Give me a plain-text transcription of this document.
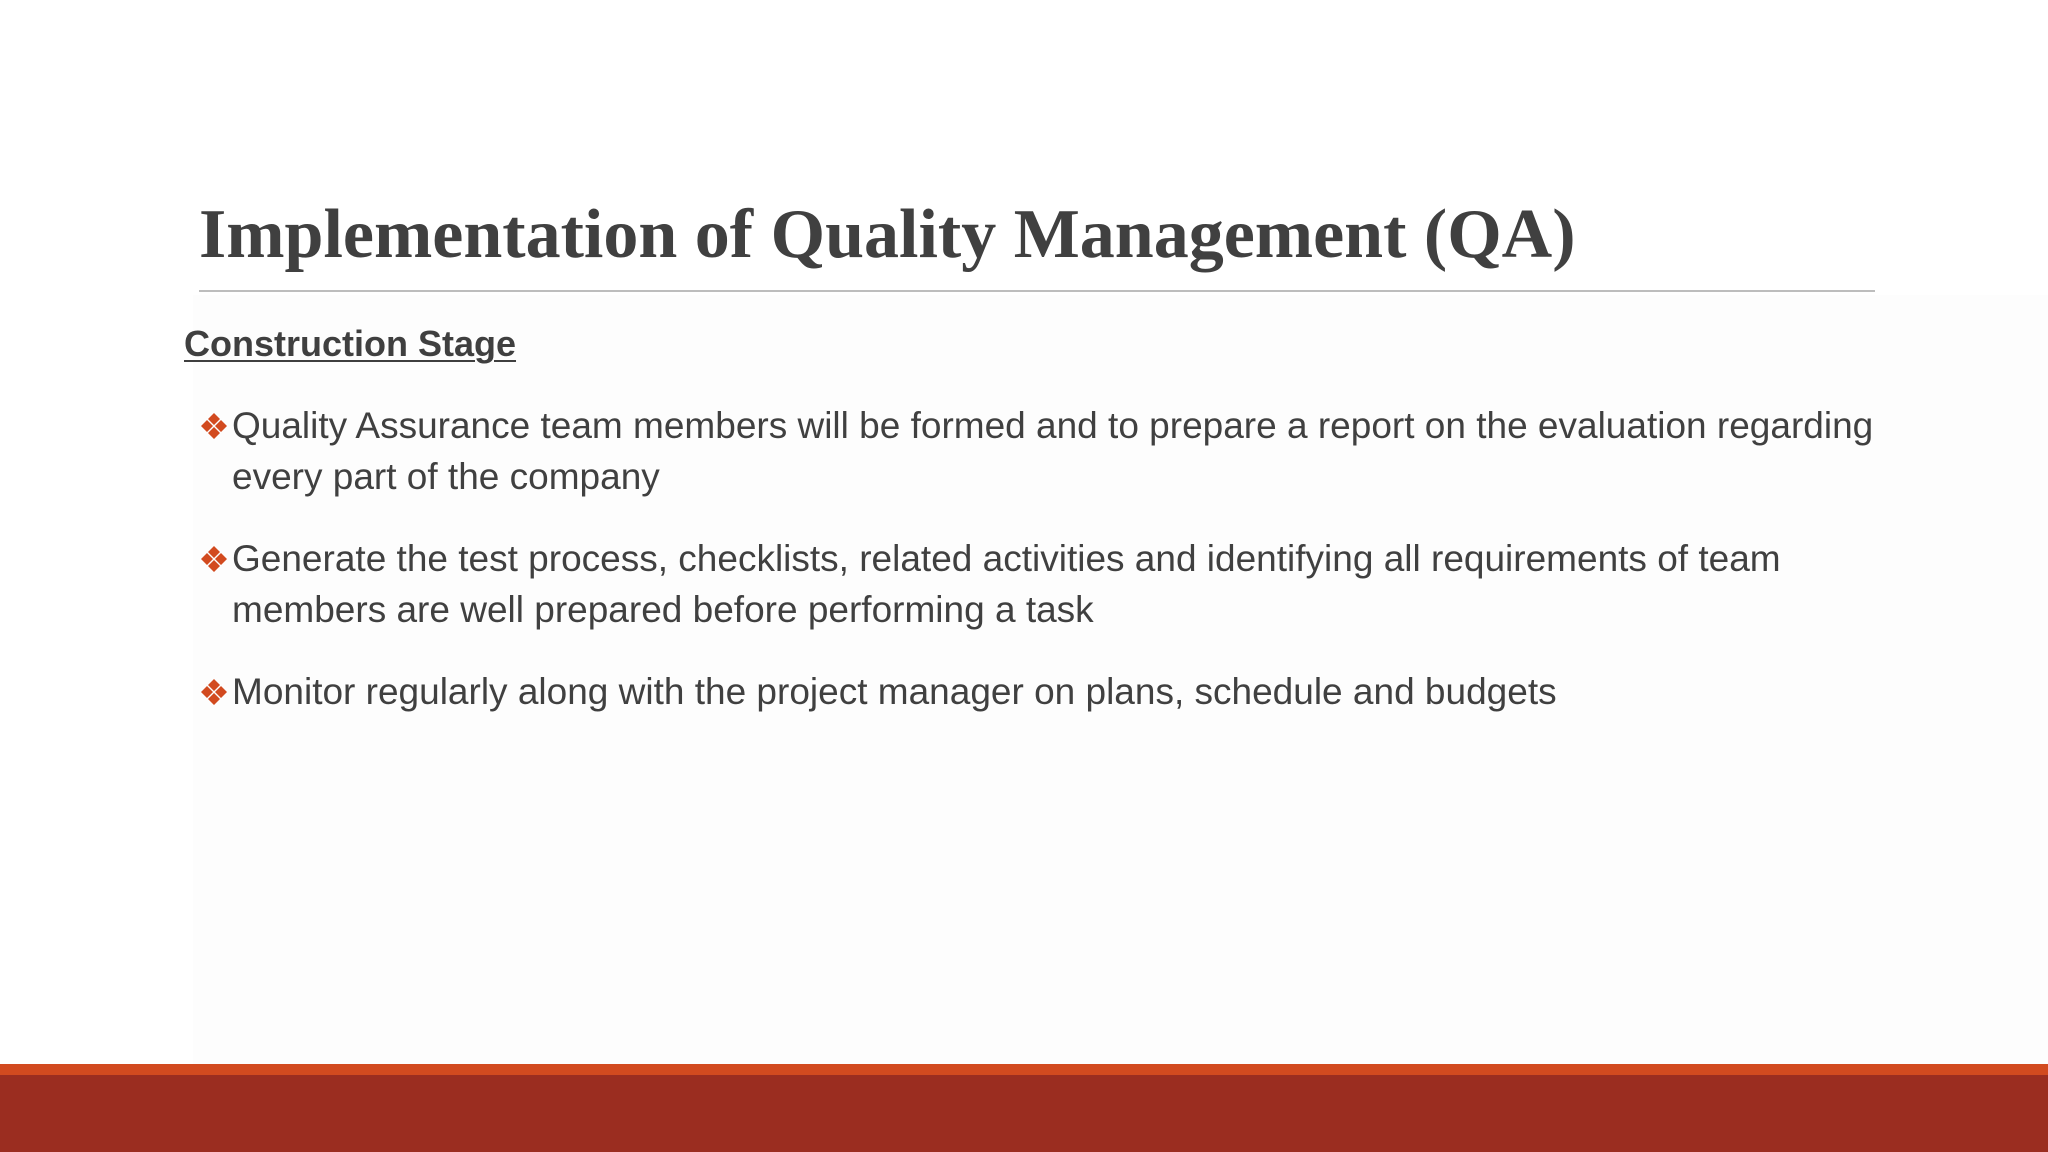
Implementation of Quality Management (QA)
Construction Stage
Quality Assurance team members will be formed and to prepare a report on the evaluation regarding every part of the company
Generate the test process, checklists, related activities and identifying all requirements of team members are well prepared before performing a task
Monitor regularly along with the project manager on plans, schedule and budgets
